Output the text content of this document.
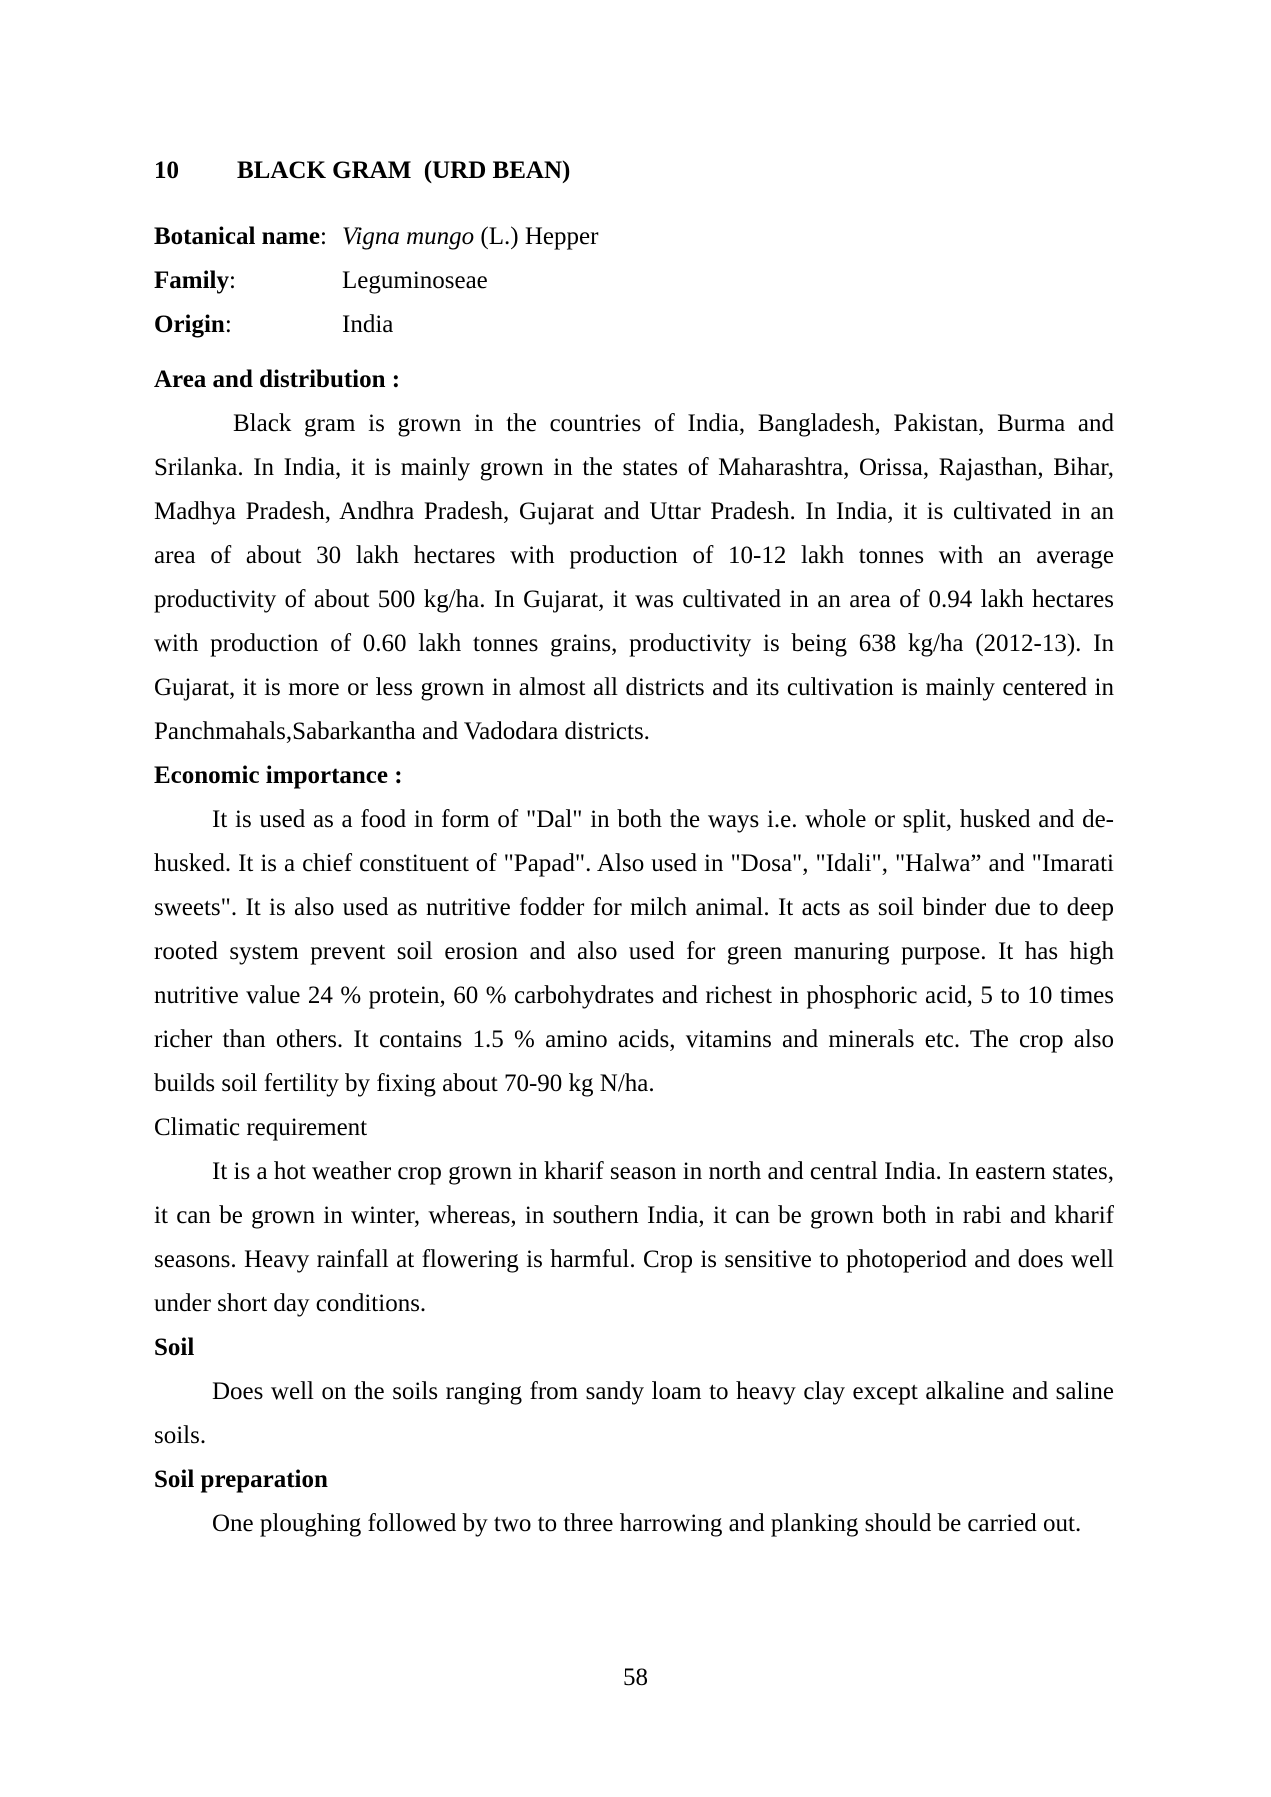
10 BLACK GRAM  (URD BEAN)
Botanical name: Vigna mungo (L.) Hepper
Family:	Leguminoseae
Origin:	India
Area and distribution :

Black gram is grown in the countries of India, Bangladesh, Pakistan, Burma and Srilanka. In India, it is mainly grown in the states of Maharashtra, Orissa, Rajasthan, Bihar, Madhya Pradesh, Andhra Pradesh, Gujarat and Uttar Pradesh. In India, it is cultivated in an area of about 30 lakh hectares with production of 10-12 lakh tonnes with an average productivity of about 500 kg/ha. In Gujarat, it was cultivated in an area of 0.94 lakh hectares with production of 0.60 lakh tonnes grains, productivity is being 638 kg/ha (2012-13). In Gujarat, it is more or less grown in almost all districts and its cultivation is mainly centered in Panchmahals,Sabarkantha and Vadodara districts.

Economic importance :

It is used as a food in form of "Dal" in both the ways i.e. whole or split, husked and de-husked. It is a chief constituent of "Papad". Also used in "Dosa", "Idali", "Halwa” and "Imarati sweets". It is also used as nutritive fodder for milch animal. It acts as soil binder due to deep rooted system prevent soil erosion and also used for green manuring purpose. It has high nutritive value 24 % protein, 60 % carbohydrates and richest in phosphoric acid, 5 to 10 times richer than others. It contains 1.5 % amino acids, vitamins and minerals etc. The crop also builds soil fertility by fixing about 70-90 kg N/ha.

Climatic requirement

It is a hot weather crop grown in kharif season in north and central India. In eastern states, it can be grown in winter, whereas, in southern India, it can be grown both in rabi and kharif seasons. Heavy rainfall at flowering is harmful. Crop is sensitive to photoperiod and does well under short day conditions.

Soil

Does well on the soils ranging from sandy loam to heavy clay except alkaline and saline soils.

Soil preparation

One ploughing followed by two to three harrowing and planking should be carried out.

58
